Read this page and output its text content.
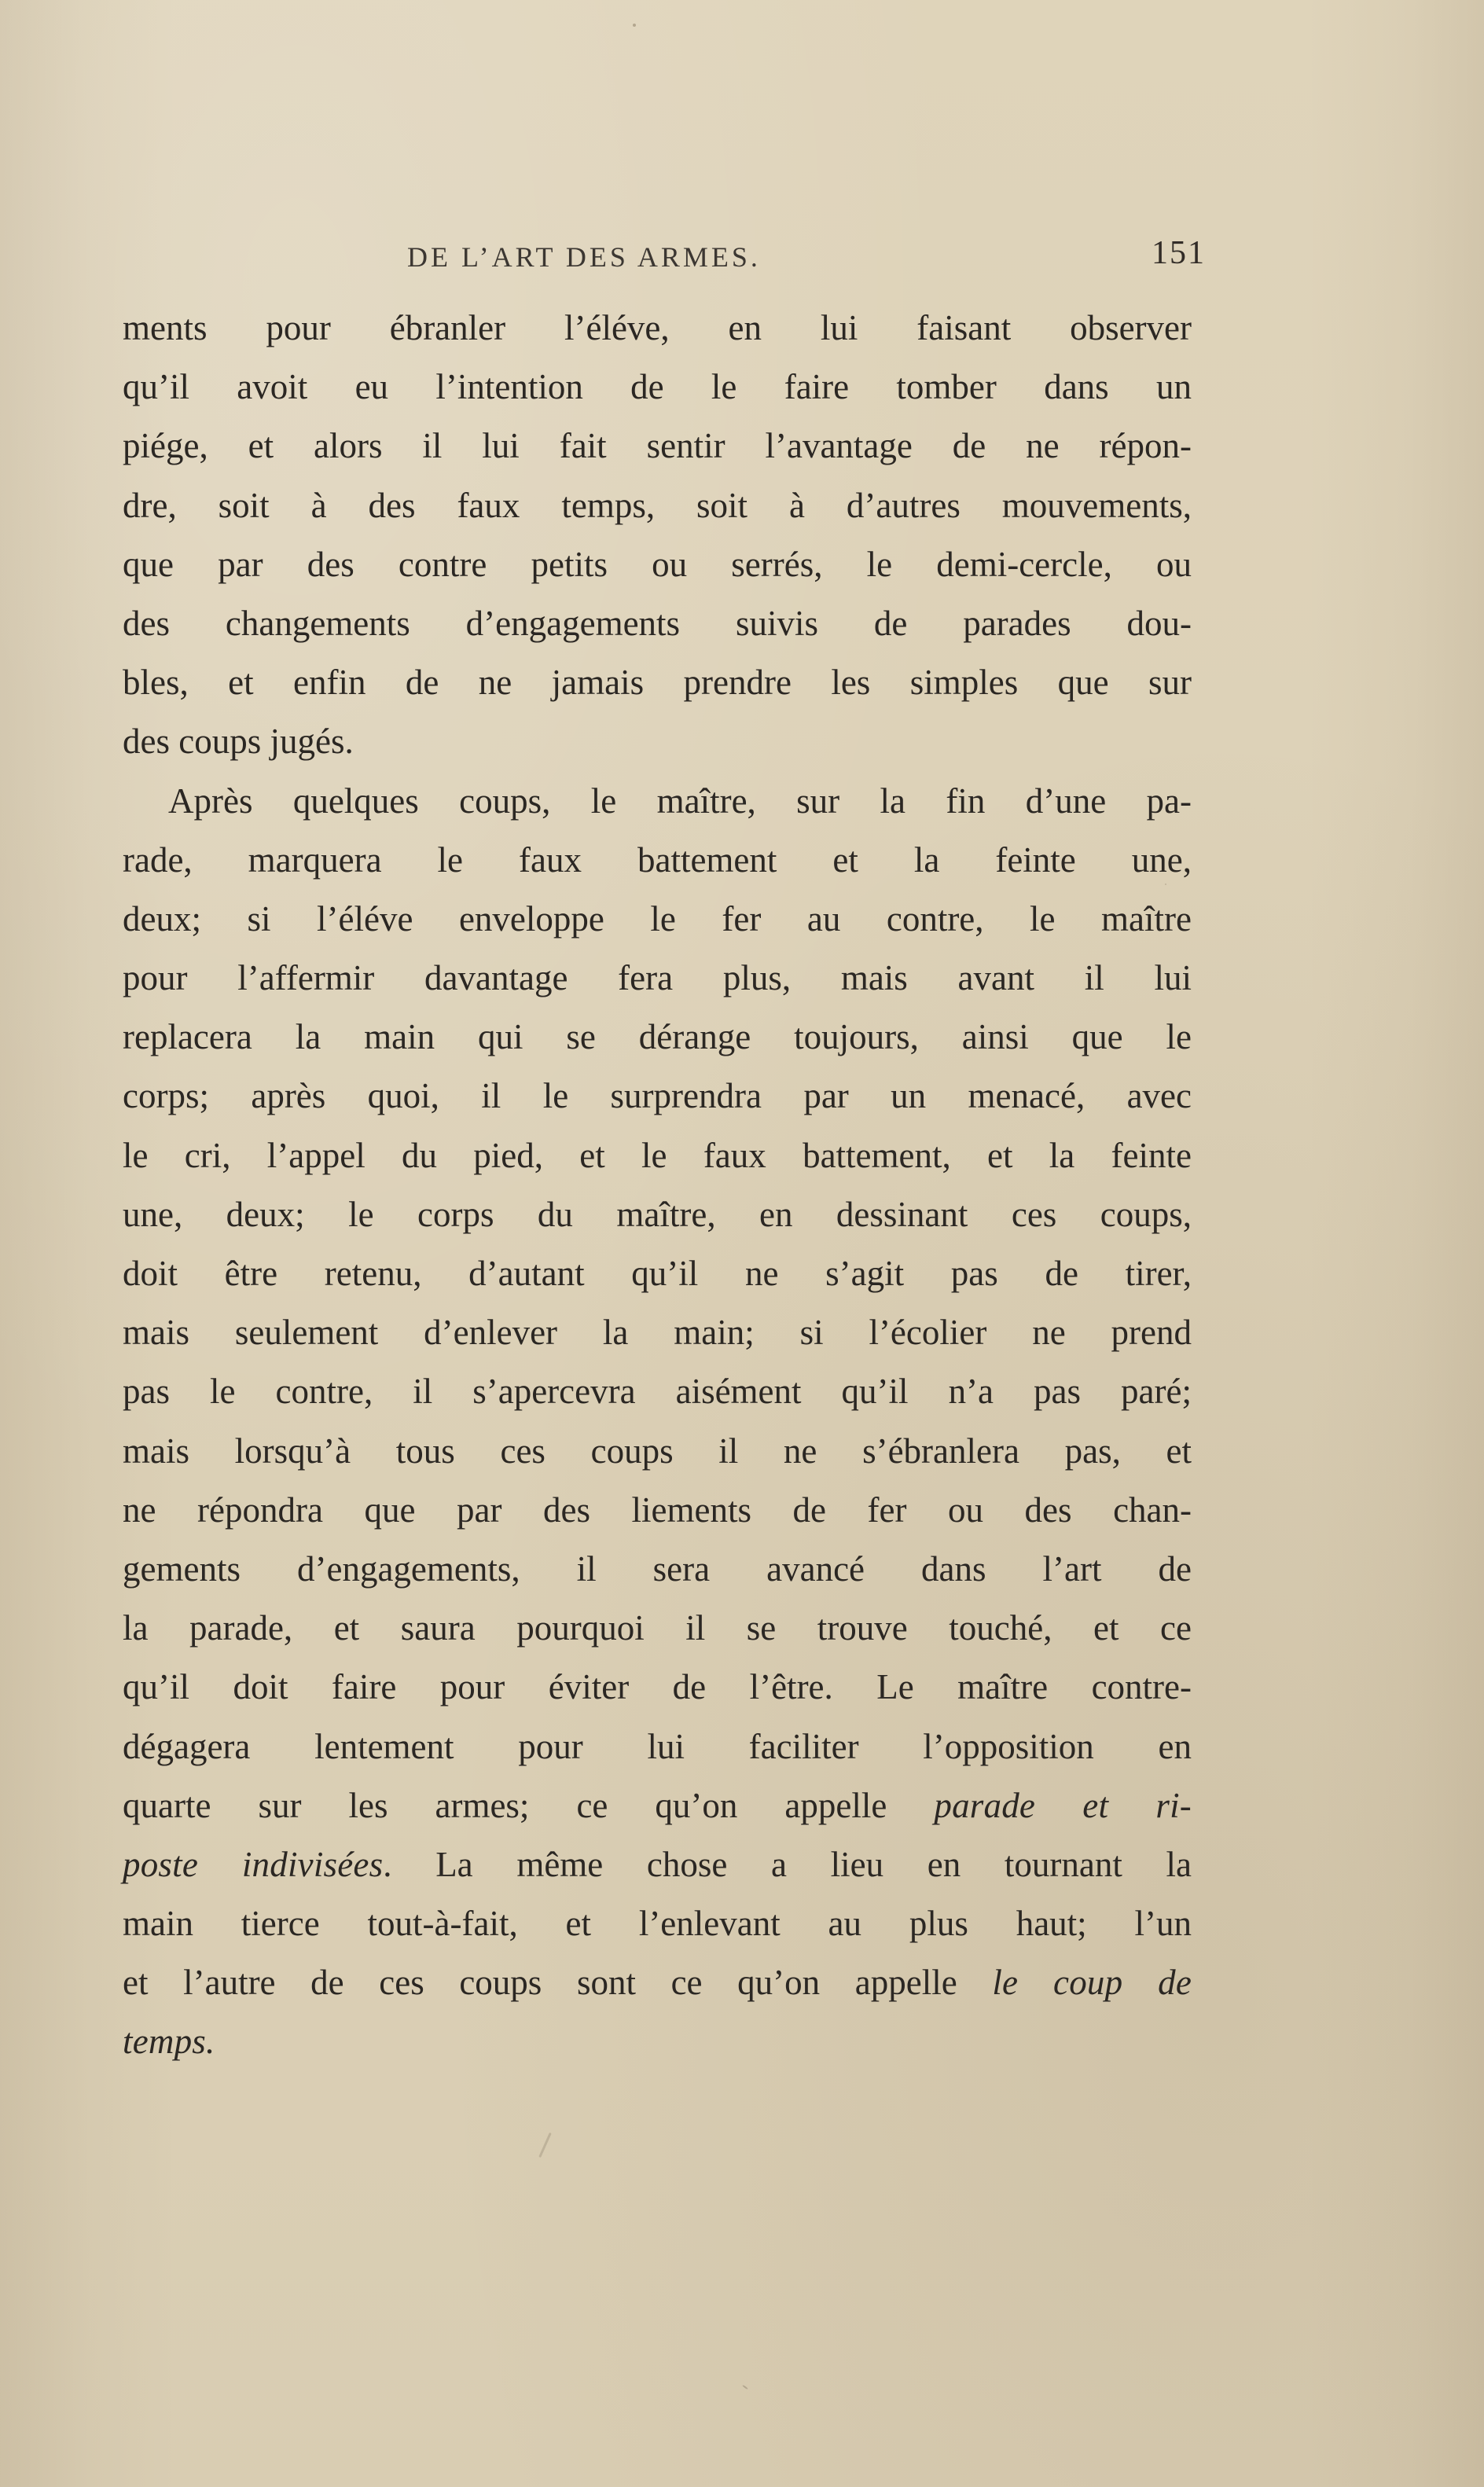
DE L’ART DES ARMES.	151
ments pour ébranler l’éléve, en lui faisant observer
qu’il avoit eu l’intention de le faire tomber dans un
piége, et alors il lui fait sentir l’avantage de ne répon-
dre, soit à des faux temps, soit à d’autres mouvements,
que par des contre petits ou serrés, le demi-cercle, ou
des changements d’engagements suivis de parades dou-
bles, et enfin de ne jamais prendre les simples que sur
des coups jugés.
Après quelques coups, le maître, sur la fin d’une pa-
rade, marquera le faux battement et la feinte une,
deux; si l’éléve enveloppe le fer au contre, le maître
pour l’affermir davantage fera plus, mais avant il lui
replacera la main qui se dérange toujours, ainsi que le
corps; après quoi, il le surprendra par un menacé, avec
le cri, l’appel du pied, et le faux battement, et la feinte
une, deux; le corps du maître, en dessinant ces coups,
doit être retenu, d’autant qu’il ne s’agit pas de tirer,
mais seulement d’enlever la main; si l’écolier ne prend
pas le contre, il s’apercevra aisément qu’il n’a pas paré;
mais lorsqu’à tous ces coups il ne s’ébranlera pas, et
ne répondra que par des liements de fer ou des chan-
gements d’engagements, il sera avancé dans l’art de
la parade, et saura pourquoi il se trouve touché, et ce
qu’il doit faire pour éviter de l’être. Le maître contre-
dégagera lentement pour lui faciliter l’opposition en
quarte sur les armes; ce qu’on appelle parade et ri-
poste indivisées. La même chose a lieu en tournant la
main tierce tout-à-fait, et l’enlevant au plus haut; l’un
et l’autre de ces coups sont ce qu’on appelle le coup de
temps.
